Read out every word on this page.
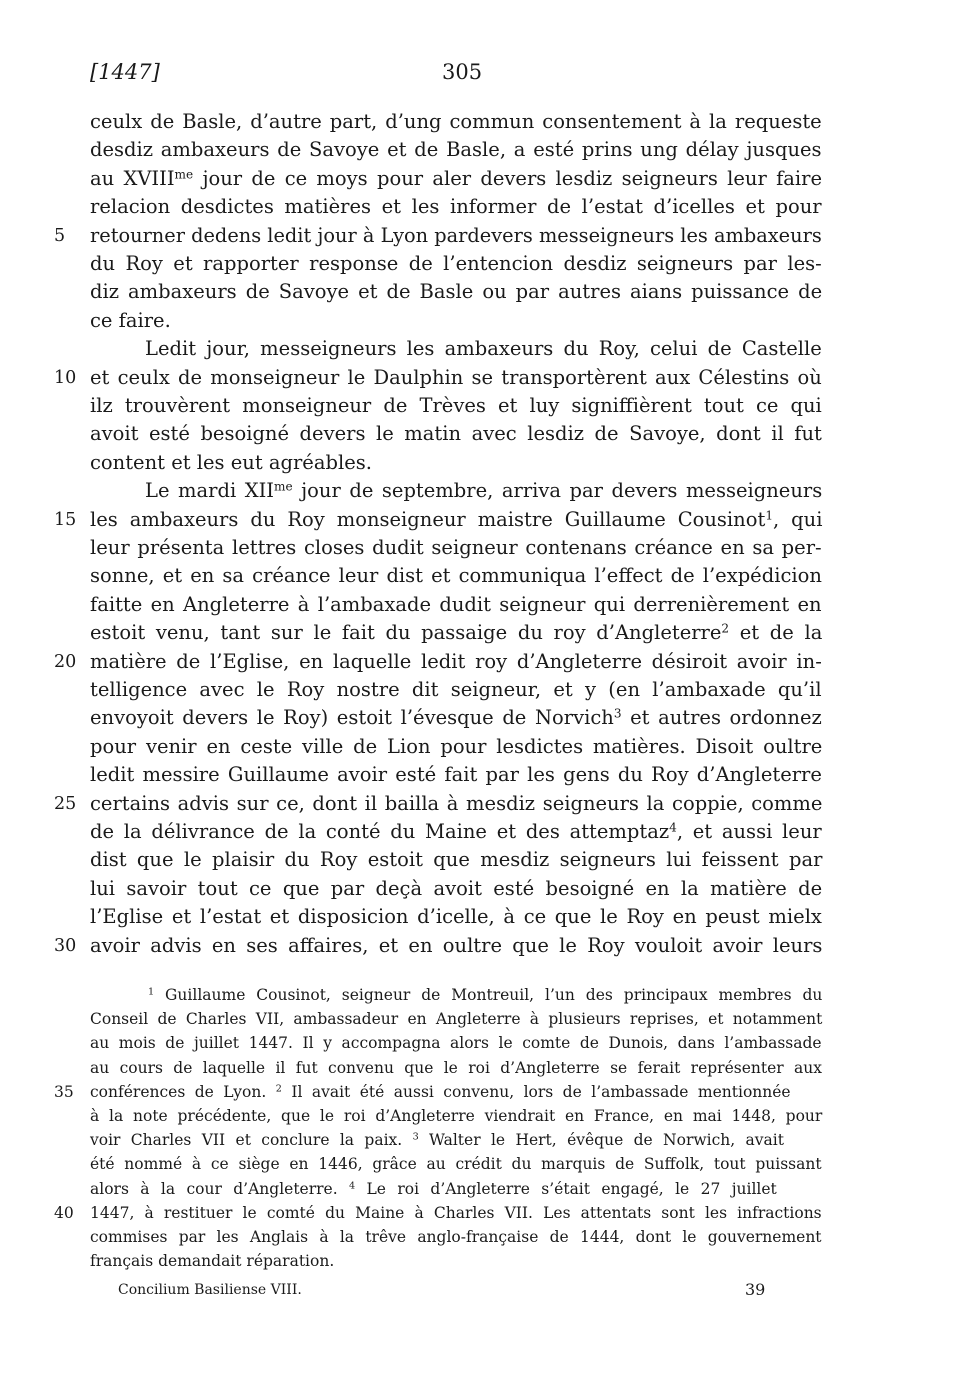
[1447]	305
ceulx de Basle, d’autre part, d’ung commun consentement à la requeste
desdiz ambaxeurs de Savoye et de Basle, a esté prins ung délay jusques
au $XVIII^{me}$ jour de ce moys pour aler devers lesdiz seigneurs leur faire
relacion desdictes matières et les informer de l’estat d’icelles et pour
retourner dedens ledit jour à Lyon pardevers messeigneurs les ambaxeurs
du Roy et rapporter response de l’entencion desdiz seigneurs par les-
diz ambaxeurs de Savoye et de Basle ou par autres aians puissance de
ce faire.
Ledit jour, messeigneurs les ambaxeurs du Roy, celui de Castelle
et ceulx de monseigneur le Daulphin se transportèrent aux Célestins où
ilz trouvèrent monseigneur de Trèves et luy signiffièrent tout ce qui
avoit esté besoigné devers le matin avec lesdiz de Savoye, dont il fut
content et les eut agréables.
Le mardi $XII^{me}$ jour de septembre, arriva par devers messeigneurs
les ambaxeurs du Roy monseigneur maistre Guillaume Cousinot$^1$, qui
leur présenta lettres closes dudit seigneur contenans créance en sa per-
sonne, et en sa créance leur dist et communiqua l’effect de l’expédicion
faitte en Angleterre à l’ambaxade dudit seigneur qui derrenièrement en
estoit venu, tant sur le fait du passaige du roy d’Angleterre$^2$ et de la
matière de l’Eglise, en laquelle ledit roy d’Angleterre désiroit avoir in-
telligence avec le Roy nostre dit seigneur, et y (en l’ambaxade qu’il
envoyoit devers le Roy) estoit l’évesque de Norvich$^3$ et autres ordonnez
pour venir en ceste ville de Lion pour lesdictes matières. Disoit oultre
ledit messire Guillaume avoir esté fait par les gens du Roy d’Angleterre
certains advis sur ce, dont il bailla à mesdiz seigneurs la coppie, comme
de la délivrance de la conté du Maine et des attemptaz$^4$, et aussi leur
dist que le plaisir du Roy estoit que mesdiz seigneurs lui feissent par
lui savoir tout ce que par deçà avoit esté besoigné en la matière de
l’Eglise et l’estat et disposicion d’icelle, à ce que le Roy en peust mielx
avoir advis en ses affaires, et en oultre que le Roy vouloit avoir leurs
5
10
15
20
25
30
$^1$ Guillaume Cousinot, seigneur de Montreuil, l’un des principaux membres du
Conseil de Charles VII, ambassadeur en Angleterre à plusieurs reprises, et notamment
au mois de juillet 1447. Il y accompagna alors le comte de Dunois, dans l’ambassade
au cours de laquelle il fut convenu que le roi d’Angleterre se ferait représenter aux
conférences de Lyon. $^2$ Il avait été aussi convenu, lors de l’ambassade mentionnée
à la note précédente, que le roi d’Angleterre viendrait en France, en mai 1448, pour
voir Charles VII et conclure la paix. $^3$ Walter le Hert, évêque de Norwich, avait
été nommé à ce siège en 1446, grâce au crédit du marquis de Suffolk, tout puissant
alors à la cour d’Angleterre. $^4$ Le roi d’Angleterre s’était engagé, le 27 juillet
1447, à restituer le comté du Maine à Charles VII. Les attentats sont les infractions
commises par les Anglais à la trêve anglo-française de 1444, dont le gouvernement
français demandait réparation.
35
40
Concilium Basiliense VIII.	39
